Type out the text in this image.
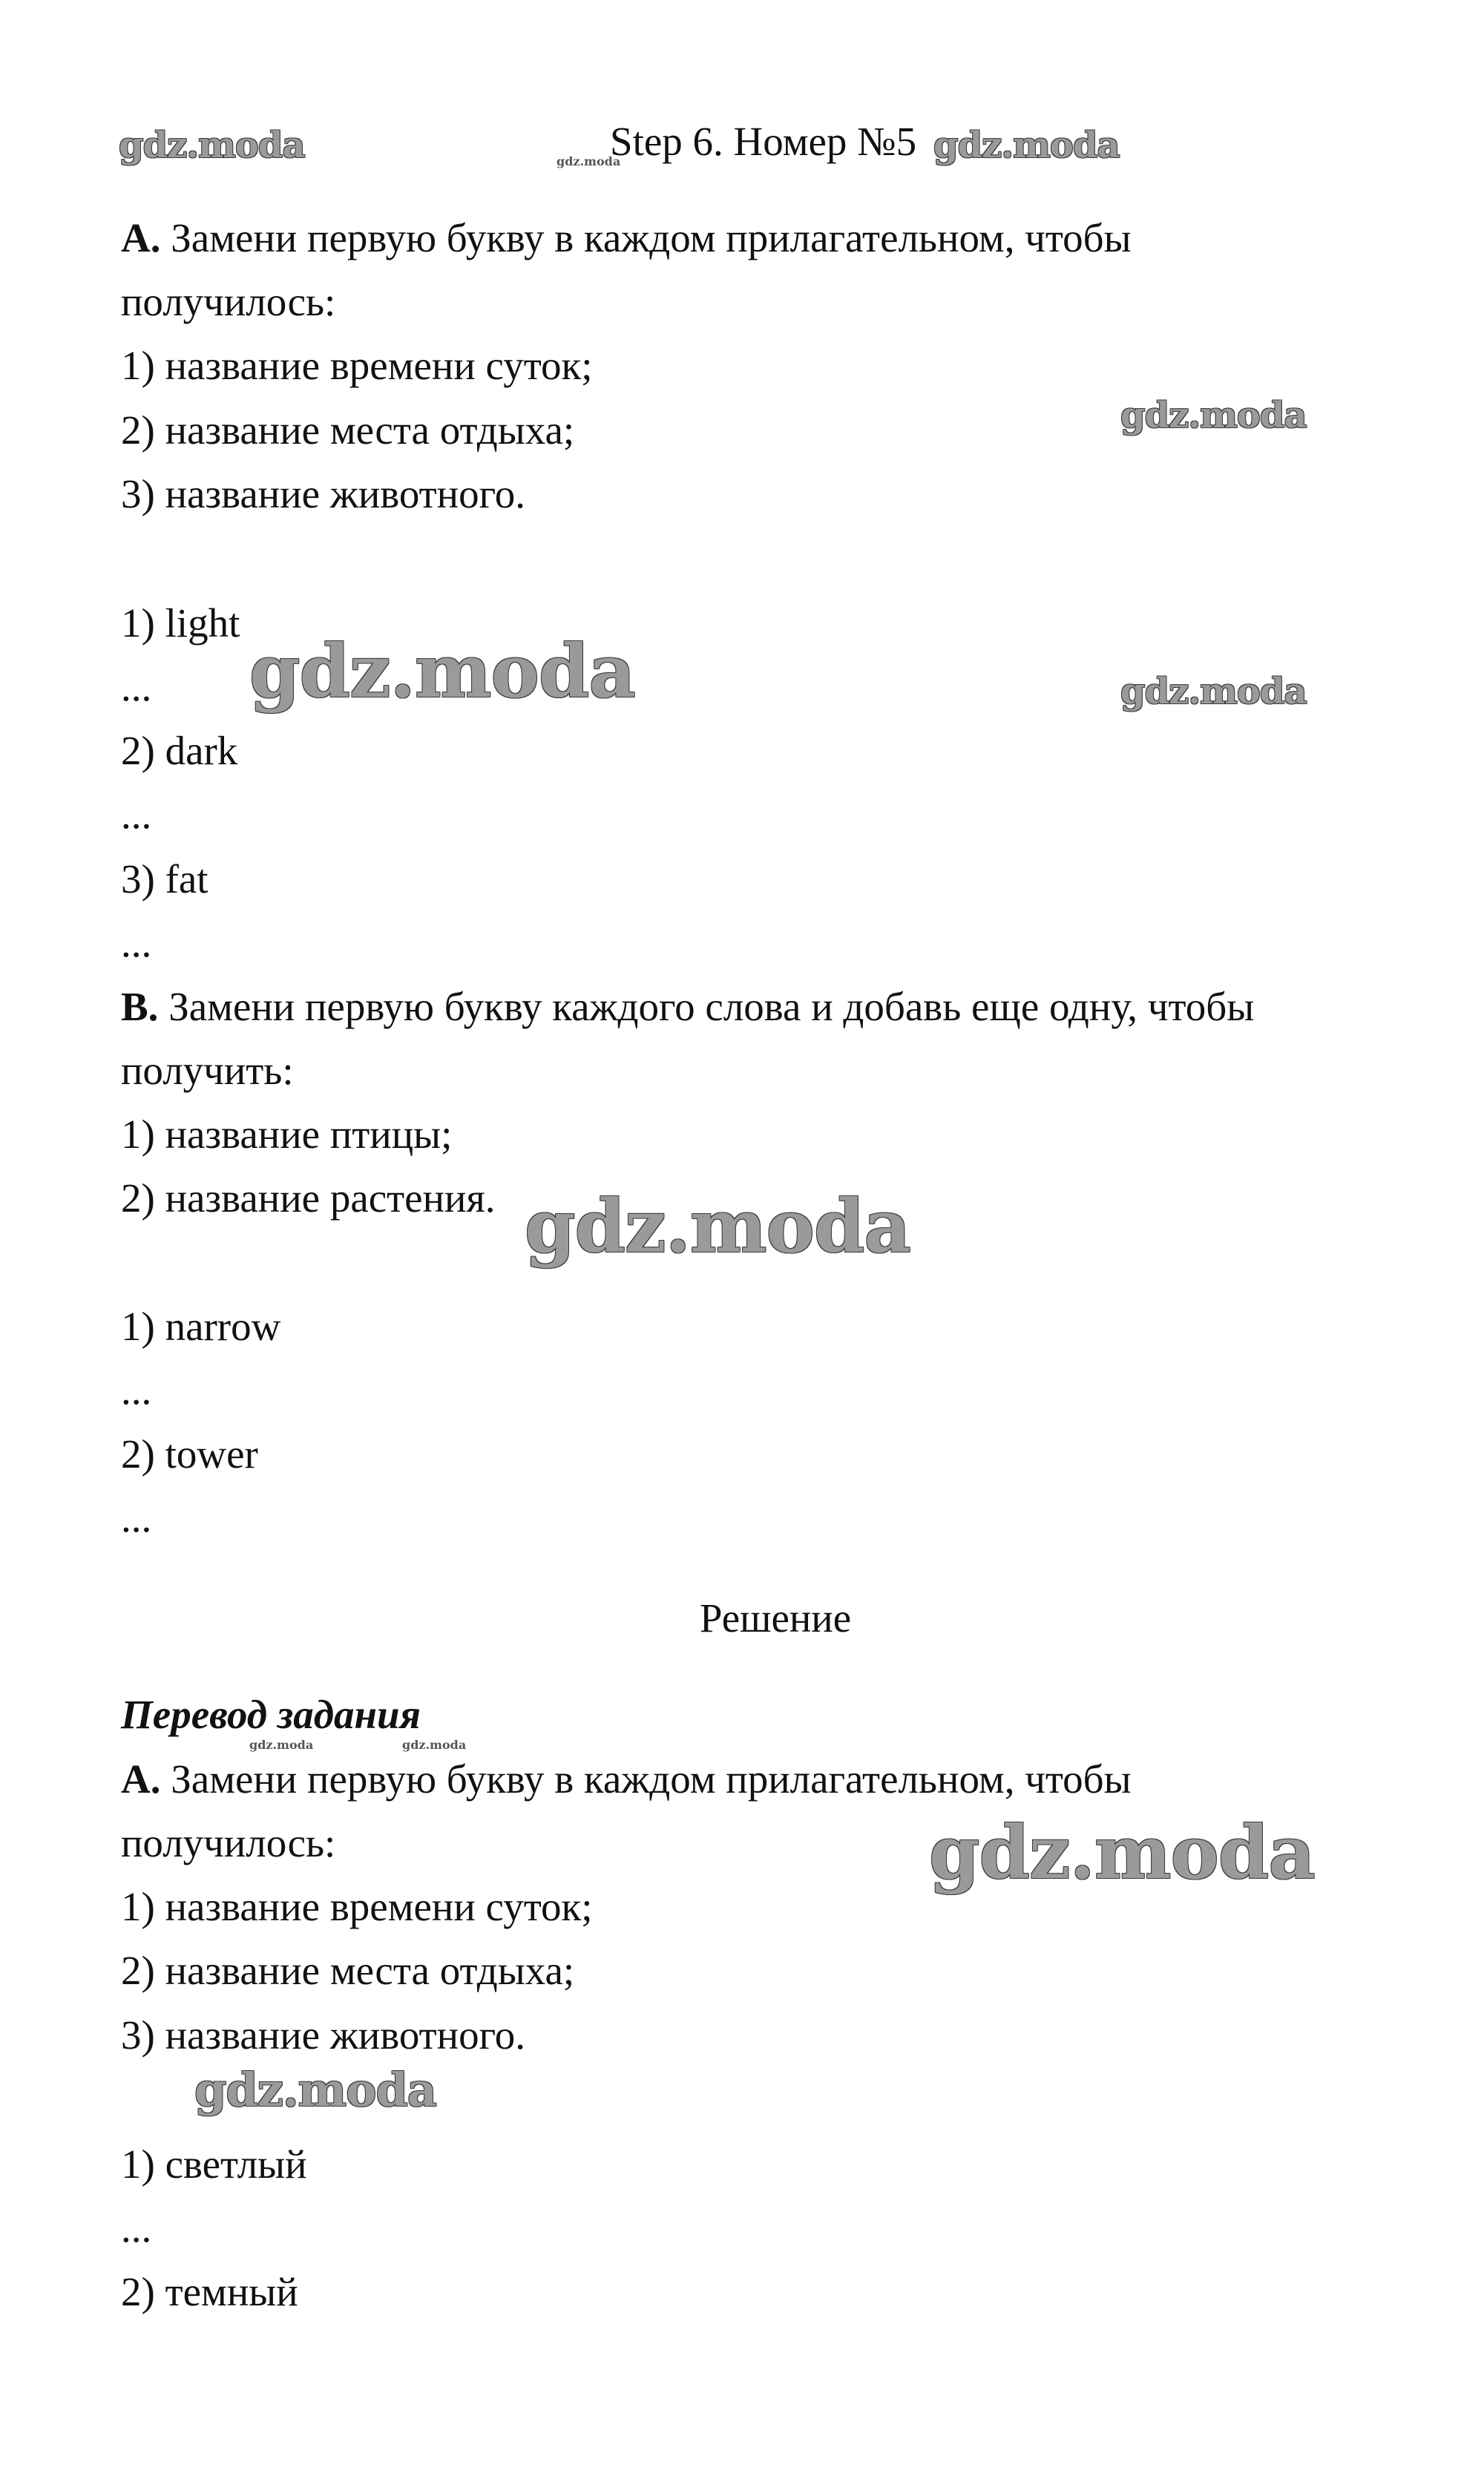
Step 6. Номер №5
A. Замени первую букву в каждом прилагательном, чтобы
получилось:
1) название времени суток;
2) название места отдыха;
3) название животного.
1) light
...
2) dark
...
3) fat
...
B. Замени первую букву каждого слова и добавь еще одну, чтобы
получить:
1) название птицы;
2) название растения.
1) narrow
...
2) tower
...
Решение
Перевод задания
A. Замени первую букву в каждом прилагательном, чтобы
получилось:
1) название времени суток;
2) название места отдыха;
3) название животного.
1) светлый
...
2) темный
gdz.moda	gdz.moda	gdz.moda
gdz.moda
gdz.moda	gdz.moda
gdz.moda
gdz.moda	gdz.moda
gdz.moda
gdz.moda
